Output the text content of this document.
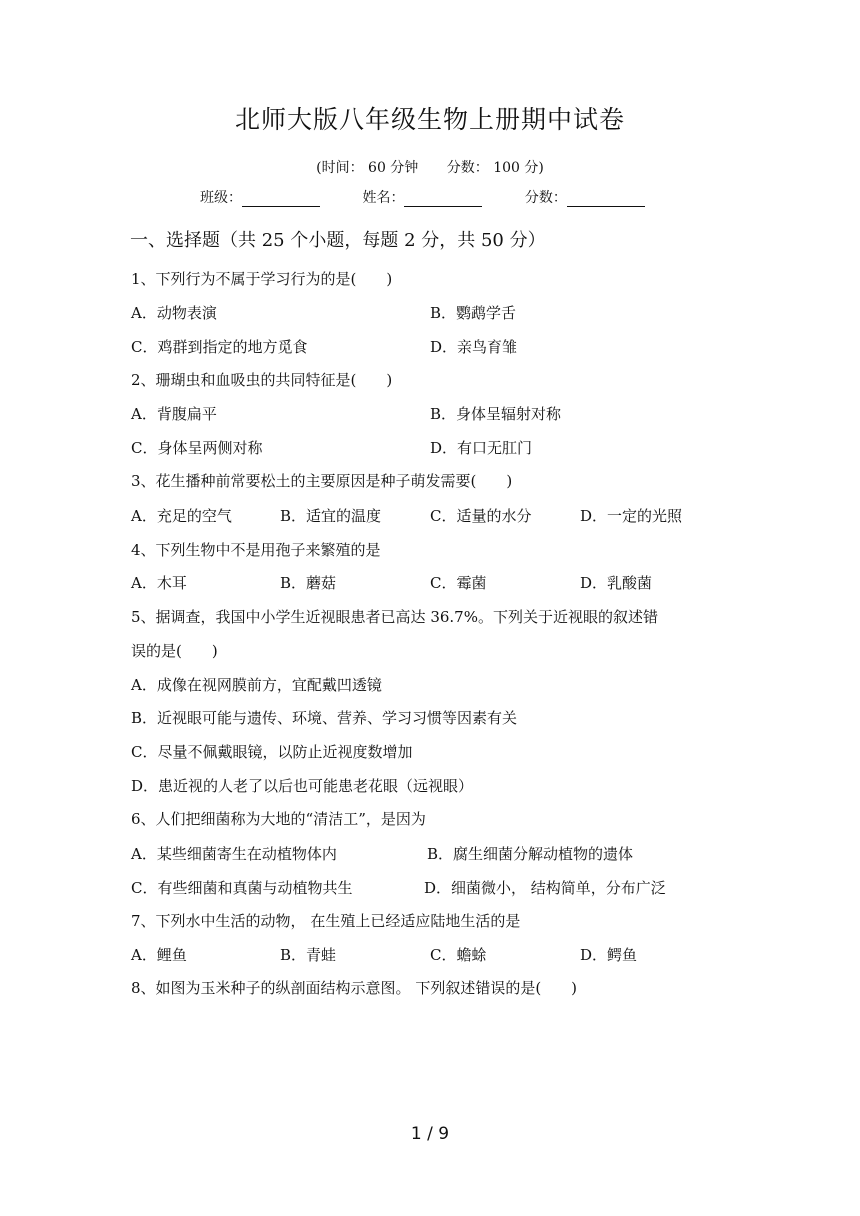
北师大版八年级生物上册期中试卷
(时间： 60 分钟 分数： 100 分)
班级：	姓名：	分数：
一、选择题（共 25 个小题，每题 2 分，共 50 分）
1、下列行为不属于学习行为的是(　　)
A．动物表演	B．鹦鹉学舌
C．鸡群到指定的地方觅食	D．亲鸟育雏
2、珊瑚虫和血吸虫的共同特征是(　　)
A．背腹扁平	B．身体呈辐射对称
C．身体呈两侧对称	D．有口无肛门
3、花生播种前常要松土的主要原因是种子萌发需要(　　)
A．充足的空气	B．适宜的温度	C．适量的水分	D．一定的光照
4、下列生物中不是用孢子来繁殖的是
A．木耳	B．蘑菇	C．霉菌	D．乳酸菌
5、据调查，我国中小学生近视眼患者已高达 36.7%。下列关于近视眼的叙述错
误的是(　　)
A．成像在视网膜前方，宜配戴凹透镜
B．近视眼可能与遗传、环境、营养、学习习惯等因素有关
C．尽量不佩戴眼镜，以防止近视度数增加
D．患近视的人老了以后也可能患老花眼（远视眼）
6、人们把细菌称为大地的“清洁工”，是因为
A．某些细菌寄生在动植物体内	B．腐生细菌分解动植物的遗体
C．有些细菌和真菌与动植物共生	D．细菌微小， 结构简单，分布广泛
7、下列水中生活的动物， 在生殖上已经适应陆地生活的是
A．鲤鱼	B．青蛙	C．蟾蜍	D．鳄鱼
8、如图为玉米种子的纵剖面结构示意图。 下列叙述错误的是(　　)
1 / 9
